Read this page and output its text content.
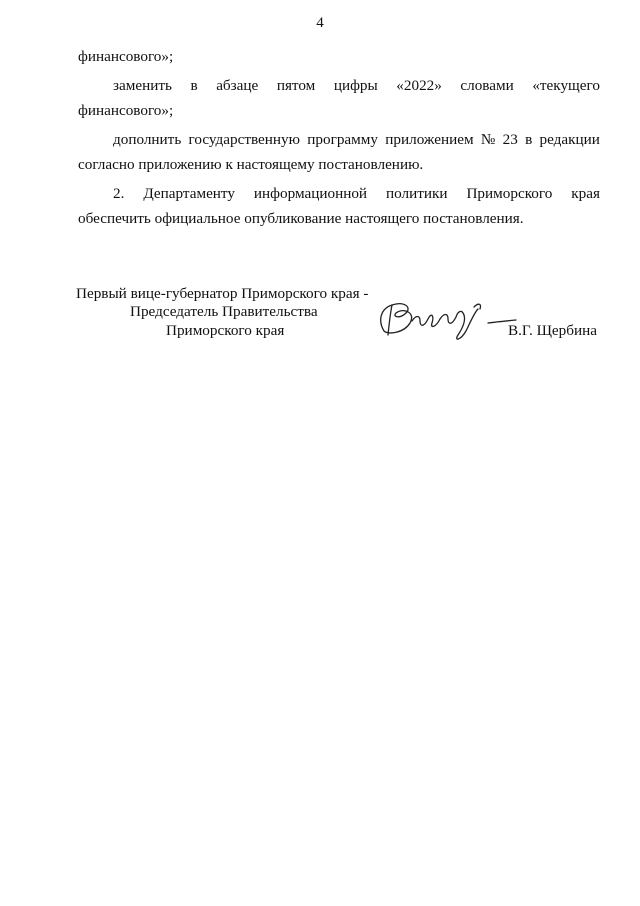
4
финансового»;
заменить в абзаце пятом цифры «2022» словами «текущего
финансового»;
дополнить государственную программу приложением № 23 в редакции
согласно приложению к настоящему постановлению.
2. Департаменту информационной политики Приморского края
обеспечить официальное опубликование настоящего постановления.
Первый вице-губернатор Приморского края -
Председатель Правительства
Приморского края	В.Г. Щербина
